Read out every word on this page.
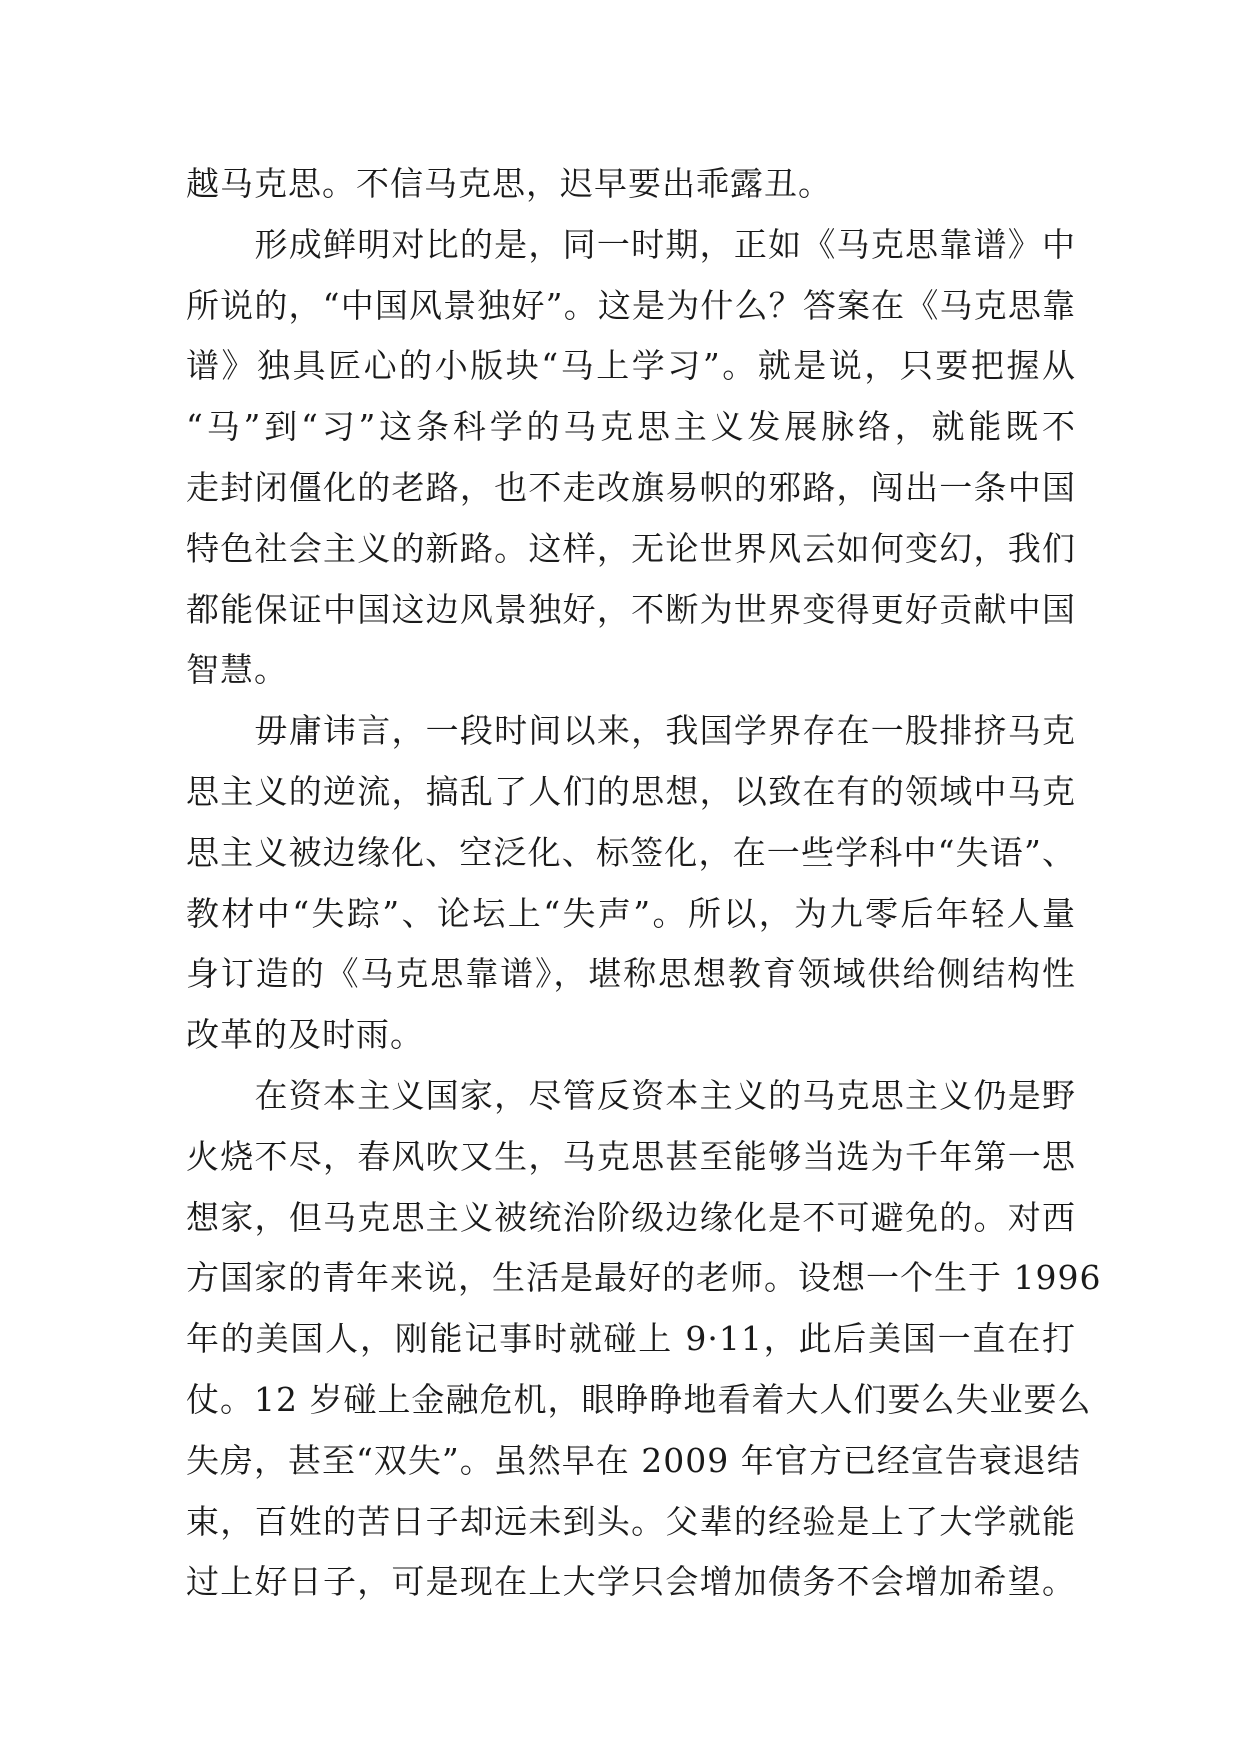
越马克思。不信马克思，迟早要出乖露丑。
　　形成鲜明对比的是，同一时期，正如《马克思靠谱》中
所说的，“中国风景独好”。这是为什么？答案在《马克思靠
谱》独具匠心的小版块“马上学习”。就是说，只要把握从
“马”到“习”这条科学的马克思主义发展脉络，就能既不
走封闭僵化的老路，也不走改旗易帜的邪路，闯出一条中国
特色社会主义的新路。这样，无论世界风云如何变幻，我们
都能保证中国这边风景独好，不断为世界变得更好贡献中国
智慧。
　　毋庸讳言，一段时间以来，我国学界存在一股排挤马克
思主义的逆流，搞乱了人们的思想，以致在有的领域中马克
思主义被边缘化、空泛化、标签化，在一些学科中“失语”、
教材中“失踪”、论坛上“失声”。所以，为九零后年轻人量
身订造的《马克思靠谱》，堪称思想教育领域供给侧结构性
改革的及时雨。
　　在资本主义国家，尽管反资本主义的马克思主义仍是野
火烧不尽，春风吹又生，马克思甚至能够当选为千年第一思
想家，但马克思主义被统治阶级边缘化是不可避免的。对西
方国家的青年来说，生活是最好的老师。设想一个生于 1996
年的美国人，刚能记事时就碰上 9·11，此后美国一直在打
仗。12 岁碰上金融危机，眼睁睁地看着大人们要么失业要么
失房，甚至“双失”。虽然早在 2009 年官方已经宣告衰退结
束，百姓的苦日子却远未到头。父辈的经验是上了大学就能
过上好日子，可是现在上大学只会增加债务不会增加希望。
